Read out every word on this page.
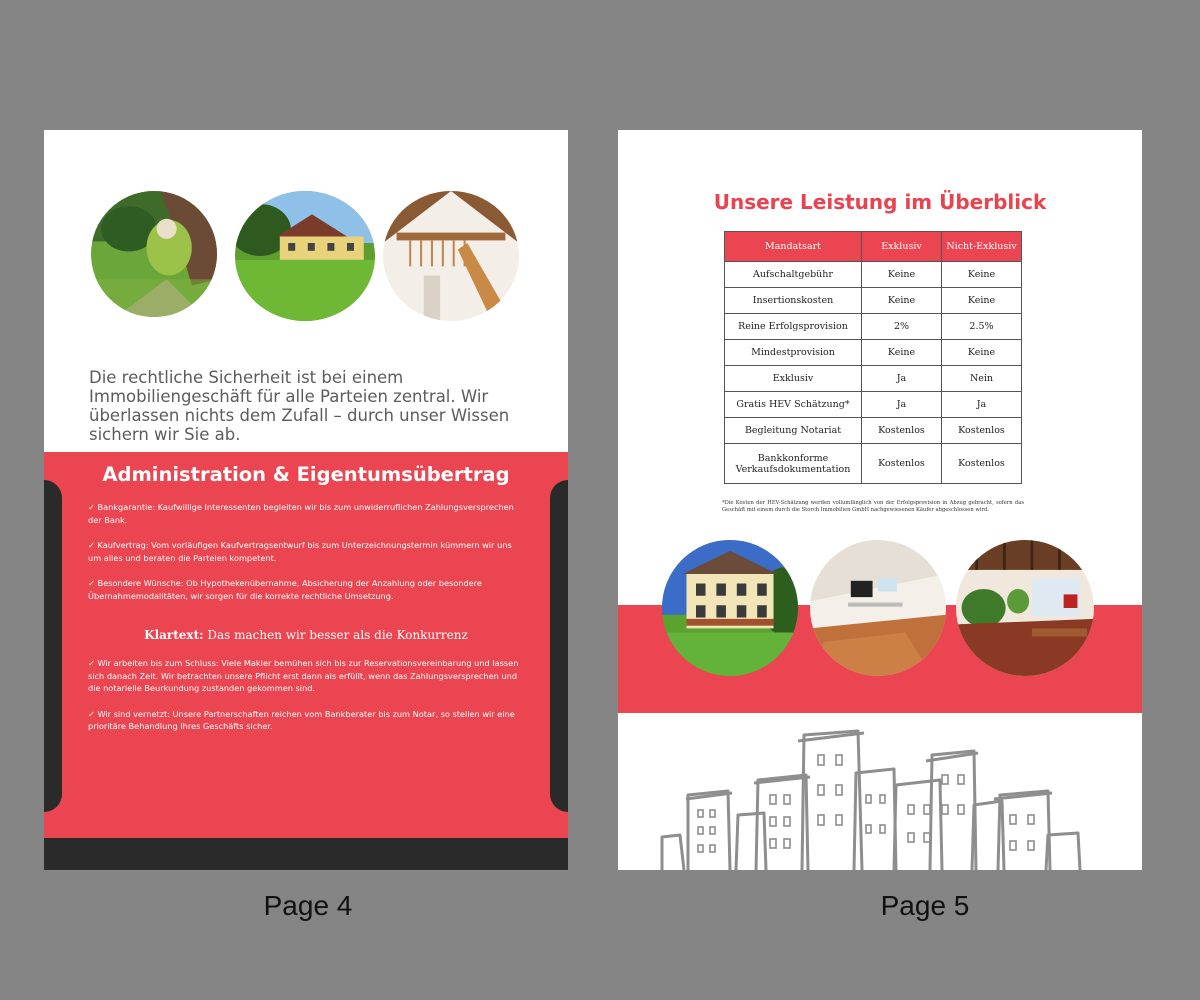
Die rechtliche Sicherheit ist bei einem Immobiliengeschäft für alle Parteien zentral. Wir überlassen nichts dem Zufall – durch unser Wissen sichern wir Sie ab.
Administration & Eigentumsübertrag
✓ Bankgarantie: Kaufwillige Interessenten begleiten wir bis zum unwiderruflichen Zahlungsversprechen der Bank.
✓ Kaufvertrag: Vom vorläufigen Kaufvertragsentwurf bis zum Unterzeichnungstermin kümmern wir uns um alles und beraten die Parteien kompetent.
✓ Besondere Wünsche: Ob Hypothekenübernahme, Absicherung der Anzahlung oder besondere Übernahmemodalitäten, wir sorgen für die korrekte rechtliche Umsetzung.
Klartext: Das machen wir besser als die Konkurrenz
✓ Wir arbeiten bis zum Schluss: Viele Makler bemühen sich bis zur Reservationsvereinbarung und lassen sich danach Zeit. Wir betrachten unsere Pflicht erst dann als erfüllt, wenn das Zahlungsversprechen und die notarielle Beurkundung zustanden gekommen sind.
✓ Wir sind vernetzt: Unsere Partnerschaften reichen vom Bankberater bis zum Notar, so stellen wir eine prioritäre Behandlung Ihres Geschäfts sicher.
Unsere Leistung im Überblick
Mandatsart	Exklusiv	Nicht-Exklusiv
Aufschaltgebühr	Keine	Keine
Insertionskosten	Keine	Keine
Reine Erfolgsprovision	2%	2.5%
Mindestprovision	Keine	Keine
Exklusiv	Ja	Nein
Gratis HEV Schätzung*	Ja	Ja
Begleitung Notariat	Kostenlos	Kostenlos
Bankkonforme Verkaufsdokumentation	Kostenlos	Kostenlos
*Die Kosten der HEV-Schätzung werden vollumfänglich von der Erfolgsprovision in Abzug gebracht, sofern das Geschäft mit einem durch die Storch Immobilien GmbH nachgewiesenen Käufer abgeschlossen wird.
Page 4	Page 5
